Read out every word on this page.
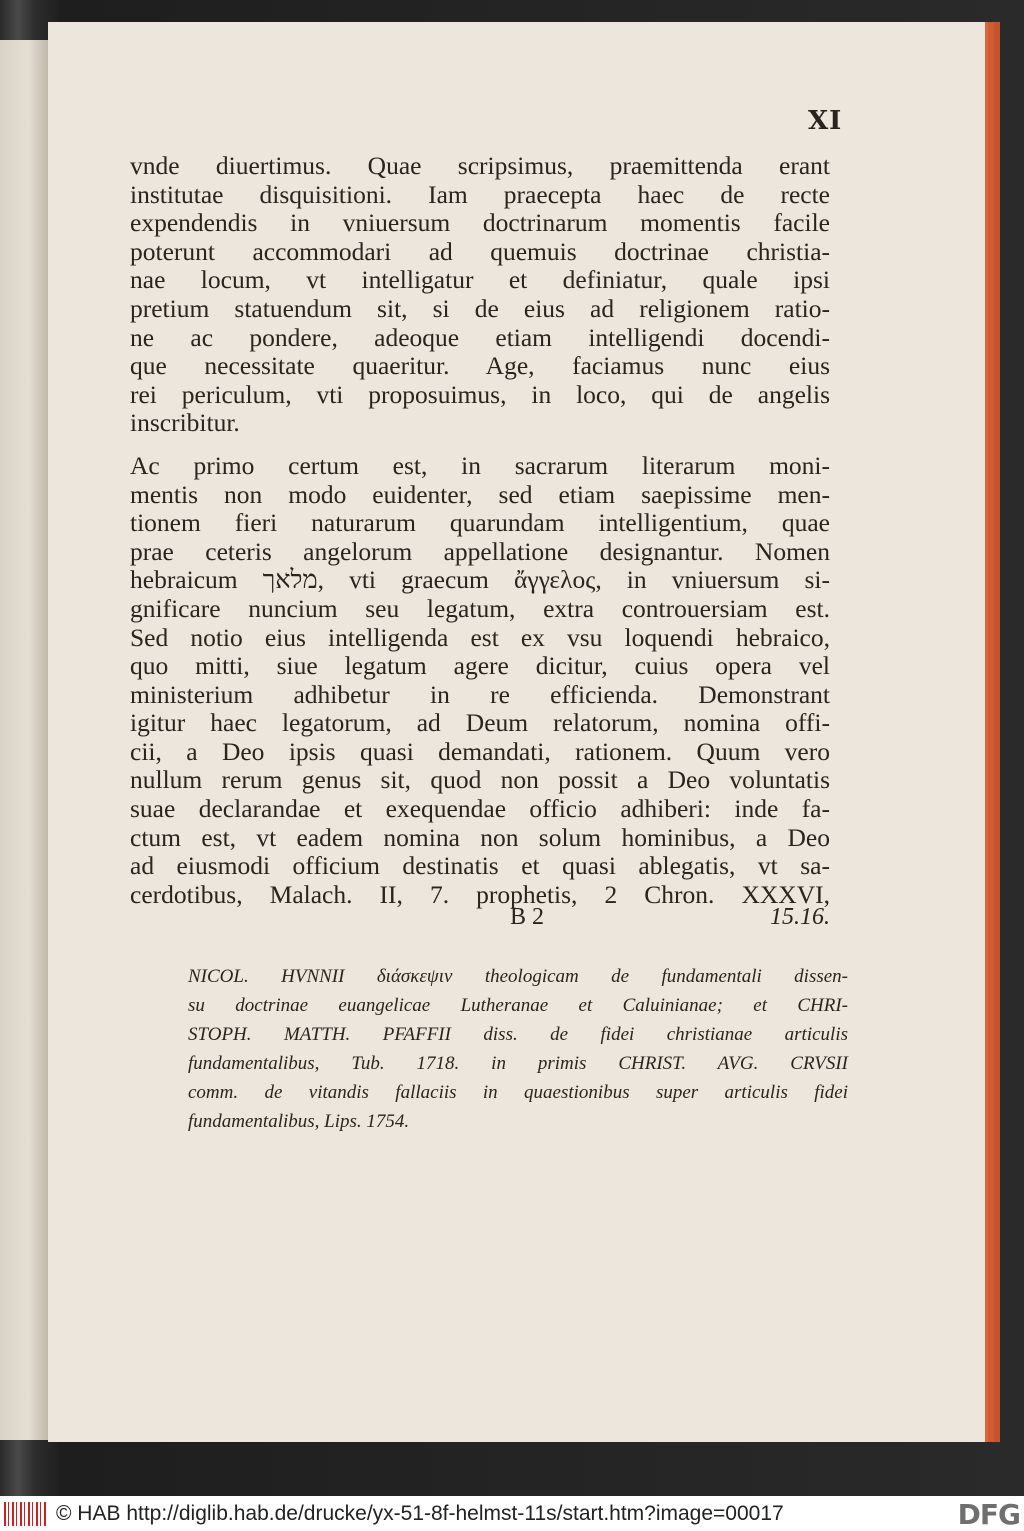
XI
vnde diuertimus. Quae scripsimus, praemittenda erant
institutae disquisitioni. Iam praecepta haec de recte
expendendis in vniuersum doctrinarum momentis facile
poterunt accommodari ad quemuis doctrinae christia-
nae locum, vt intelligatur et definiatur, quale ipsi
pretium statuendum sit, si de eius ad religionem ratio-
ne ac pondere, adeoque etiam intelligendi docendi-
que necessitate quaeritur. Age, faciamus nunc eius
rei periculum, vti proposuimus, in loco, qui de angelis
inscribitur.
Ac primo certum est, in sacrarum literarum moni-
mentis non modo euidenter, sed etiam saepissime men-
tionem fieri naturarum quarundam intelligentium, quae
prae ceteris angelorum appellatione designantur. Nomen
hebraicum מלאך, vti graecum ἄγγελος, in vniuersum si-
gnificare nuncium seu legatum, extra controuersiam est.
Sed notio eius intelligenda est ex vsu loquendi hebraico,
quo mitti, siue legatum agere dicitur, cuius opera vel
ministerium adhibetur in re efficienda. Demonstrant
igitur haec legatorum, ad Deum relatorum, nomina offi-
cii, a Deo ipsis quasi demandati, rationem. Quum vero
nullum rerum genus sit, quod non possit a Deo voluntatis
suae declarandae et exequendae officio adhiberi: inde fa-
ctum est, vt eadem nomina non solum hominibus, a Deo
ad eiusmodi officium destinatis et quasi ablegatis, vt sa-
cerdotibus, Malach. II, 7. prophetis, 2 Chron. XXXVI,
B 2	15.16.
NICOL. HVNNII διάσκεψιν theologicam de fundamentali dissen-
su doctrinae euangelicae Lutheranae et Caluinianae; et CHRI-
STOPH. MATTH. PFAFFII diss. de fidei christianae articulis
fundamentalibus, Tub. 1718. in primis CHRIST. AVG. CRVSII
comm. de vitandis fallaciis in quaestionibus super articulis fidei
fundamentalibus, Lips. 1754.
© HAB http://diglib.hab.de/drucke/yx-51-8f-helmst-11s/start.htm?image=00017	DFG
